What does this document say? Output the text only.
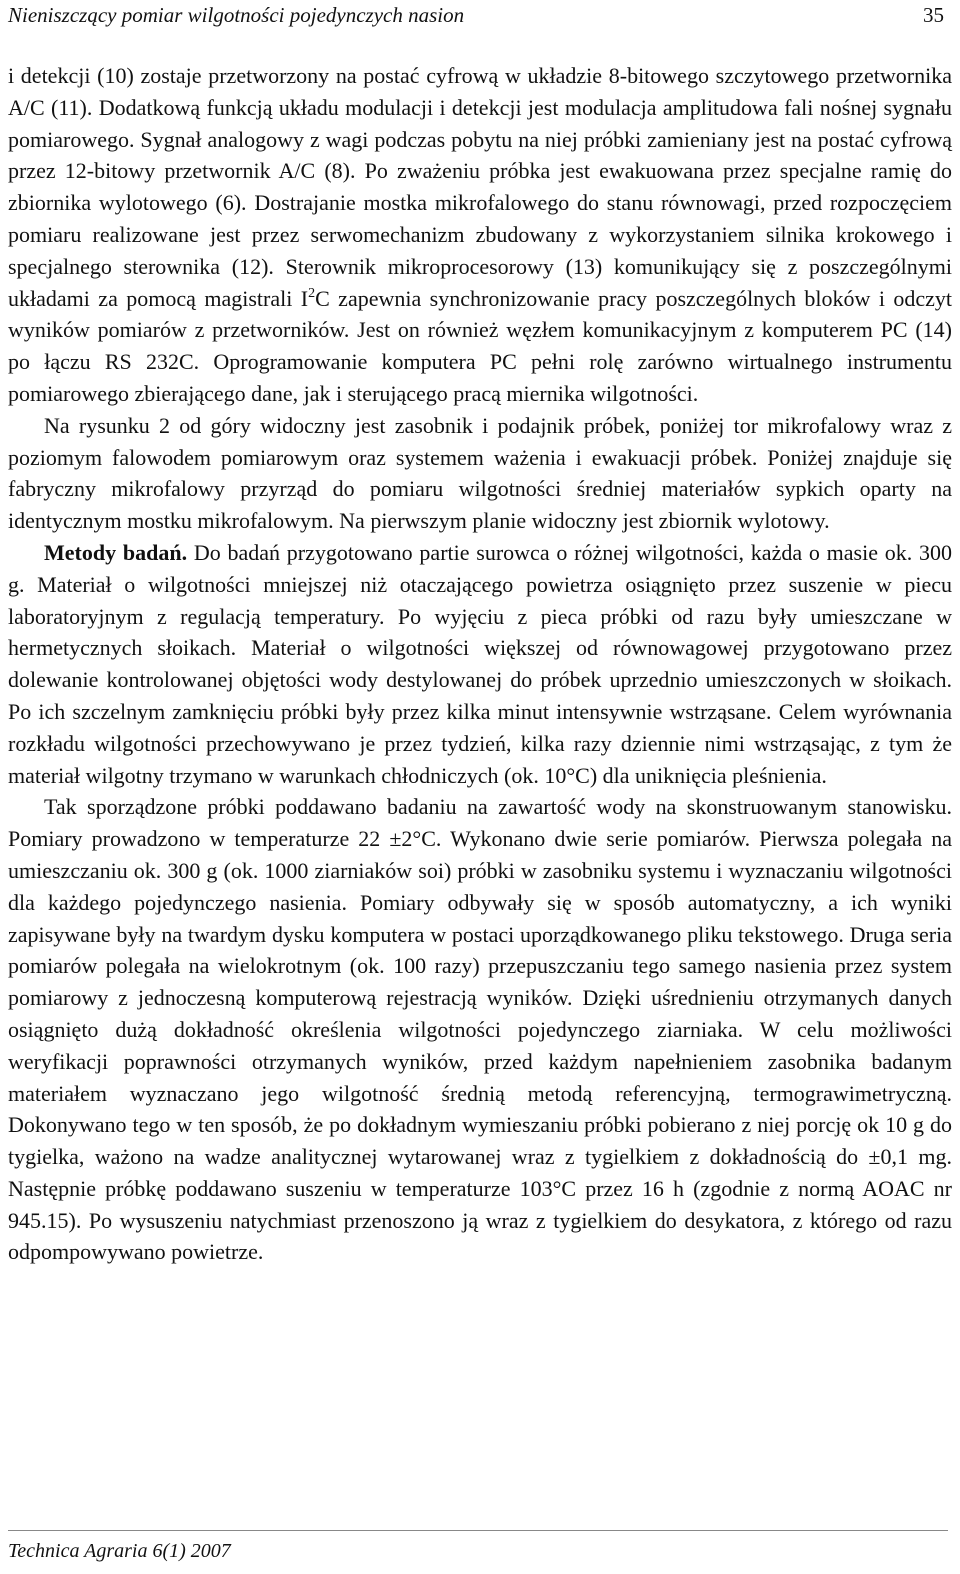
Nieniszczący pomiar wilgotności pojedynczych nasion	35

i detekcji (10) zostaje przetworzony na postać cyfrową w układzie 8-bitowego szczytowego przetwornika A/C (11). Dodatkową funkcją układu modulacji i detekcji jest modulacja amplitudowa fali nośnej sygnału pomiarowego. Sygnał analogowy z wagi podczas pobytu na niej próbki zamieniany jest na postać cyfrową przez 12-bitowy przetwornik A/C (8). Po zważeniu próbka jest ewakuowana przez specjalne ramię do zbiornika wylotowego (6). Dostrajanie mostka mikrofalowego do stanu równowagi, przed rozpoczęciem pomiaru realizowane jest przez serwomechanizm zbudowany z wykorzystaniem silnika krokowego i specjalnego sterownika (12). Sterownik mikroprocesorowy (13) komunikujący się z poszczególnymi układami za pomocą magistrali $I^2C$ zapewnia synchronizowanie pracy poszczególnych bloków i odczyt wyników pomiarów z przetworników. Jest on również węzłem komunikacyjnym z komputerem PC (14) po łączu RS 232C. Oprogramowanie komputera PC pełni rolę zarówno wirtualnego instrumentu pomiarowego zbierającego dane, jak i sterującego pracą miernika wilgotności.

Na rysunku 2 od góry widoczny jest zasobnik i podajnik próbek, poniżej tor mikrofalowy wraz z poziomym falowodem pomiarowym oraz systemem ważenia i ewakuacji próbek. Poniżej znajduje się fabryczny mikrofalowy przyrząd do pomiaru wilgotności średniej materiałów sypkich oparty na identycznym mostku mikrofalowym. Na pierwszym planie widoczny jest zbiornik wylotowy.

Metody badań. Do badań przygotowano partie surowca o różnej wilgotności, każda o masie ok. 300 g. Materiał o wilgotności mniejszej niż otaczającego powietrza osiągnięto przez suszenie w piecu laboratoryjnym z regulacją temperatury. Po wyjęciu z pieca próbki od razu były umieszczane w hermetycznych słoikach. Materiał o wilgotności większej od równowagowej przygotowano przez dolewanie kontrolowanej objętości wody destylowanej do próbek uprzednio umieszczonych w słoikach. Po ich szczelnym zamknięciu próbki były przez kilka minut intensywnie wstrząsane. Celem wyrównania rozkładu wilgotności przechowywano je przez tydzień, kilka razy dziennie nimi wstrząsając, z tym że materiał wilgotny trzymano w warunkach chłodniczych (ok. 10°C) dla uniknięcia pleśnienia.

Tak sporządzone próbki poddawano badaniu na zawartość wody na skonstruowanym stanowisku. Pomiary prowadzono w temperaturze 22 ±2°C. Wykonano dwie serie pomiarów. Pierwsza polegała na umieszczaniu ok. 300 g (ok. 1000 ziarniaków soi) próbki w zasobniku systemu i wyznaczaniu wilgotności dla każdego pojedynczego nasienia. Pomiary odbywały się w sposób automatyczny, a ich wyniki zapisywane były na twardym dysku komputera w postaci uporządkowanego pliku tekstowego. Druga seria pomiarów polegała na wielokrotnym (ok. 100 razy) przepuszczaniu tego samego nasienia przez system pomiarowy z jednoczesną komputerową rejestracją wyników. Dzięki uśrednieniu otrzymanych danych osiągnięto dużą dokładność określenia wilgotności pojedynczego ziarniaka. W celu możliwości weryfikacji poprawności otrzymanych wyników, przed każdym napełnieniem zasobnika badanym materiałem wyznaczano jego wilgotność średnią metodą referencyjną, termograwimetryczną. Dokonywano tego w ten sposób, że po dokładnym wymieszaniu próbki pobierano z niej porcję ok 10 g do tygielka, ważono na wadze analitycznej wytarowanej wraz z tygielkiem z dokładnością do ±0,1 mg. Następnie próbkę poddawano suszeniu w temperaturze 103°C przez 16 h (zgodnie z normą AOAC nr 945.15). Po wysuszeniu natychmiast przenoszono ją wraz z tygielkiem do desykatora, z którego od razu odpompowywano powietrze.

Technica Agraria 6(1) 2007
